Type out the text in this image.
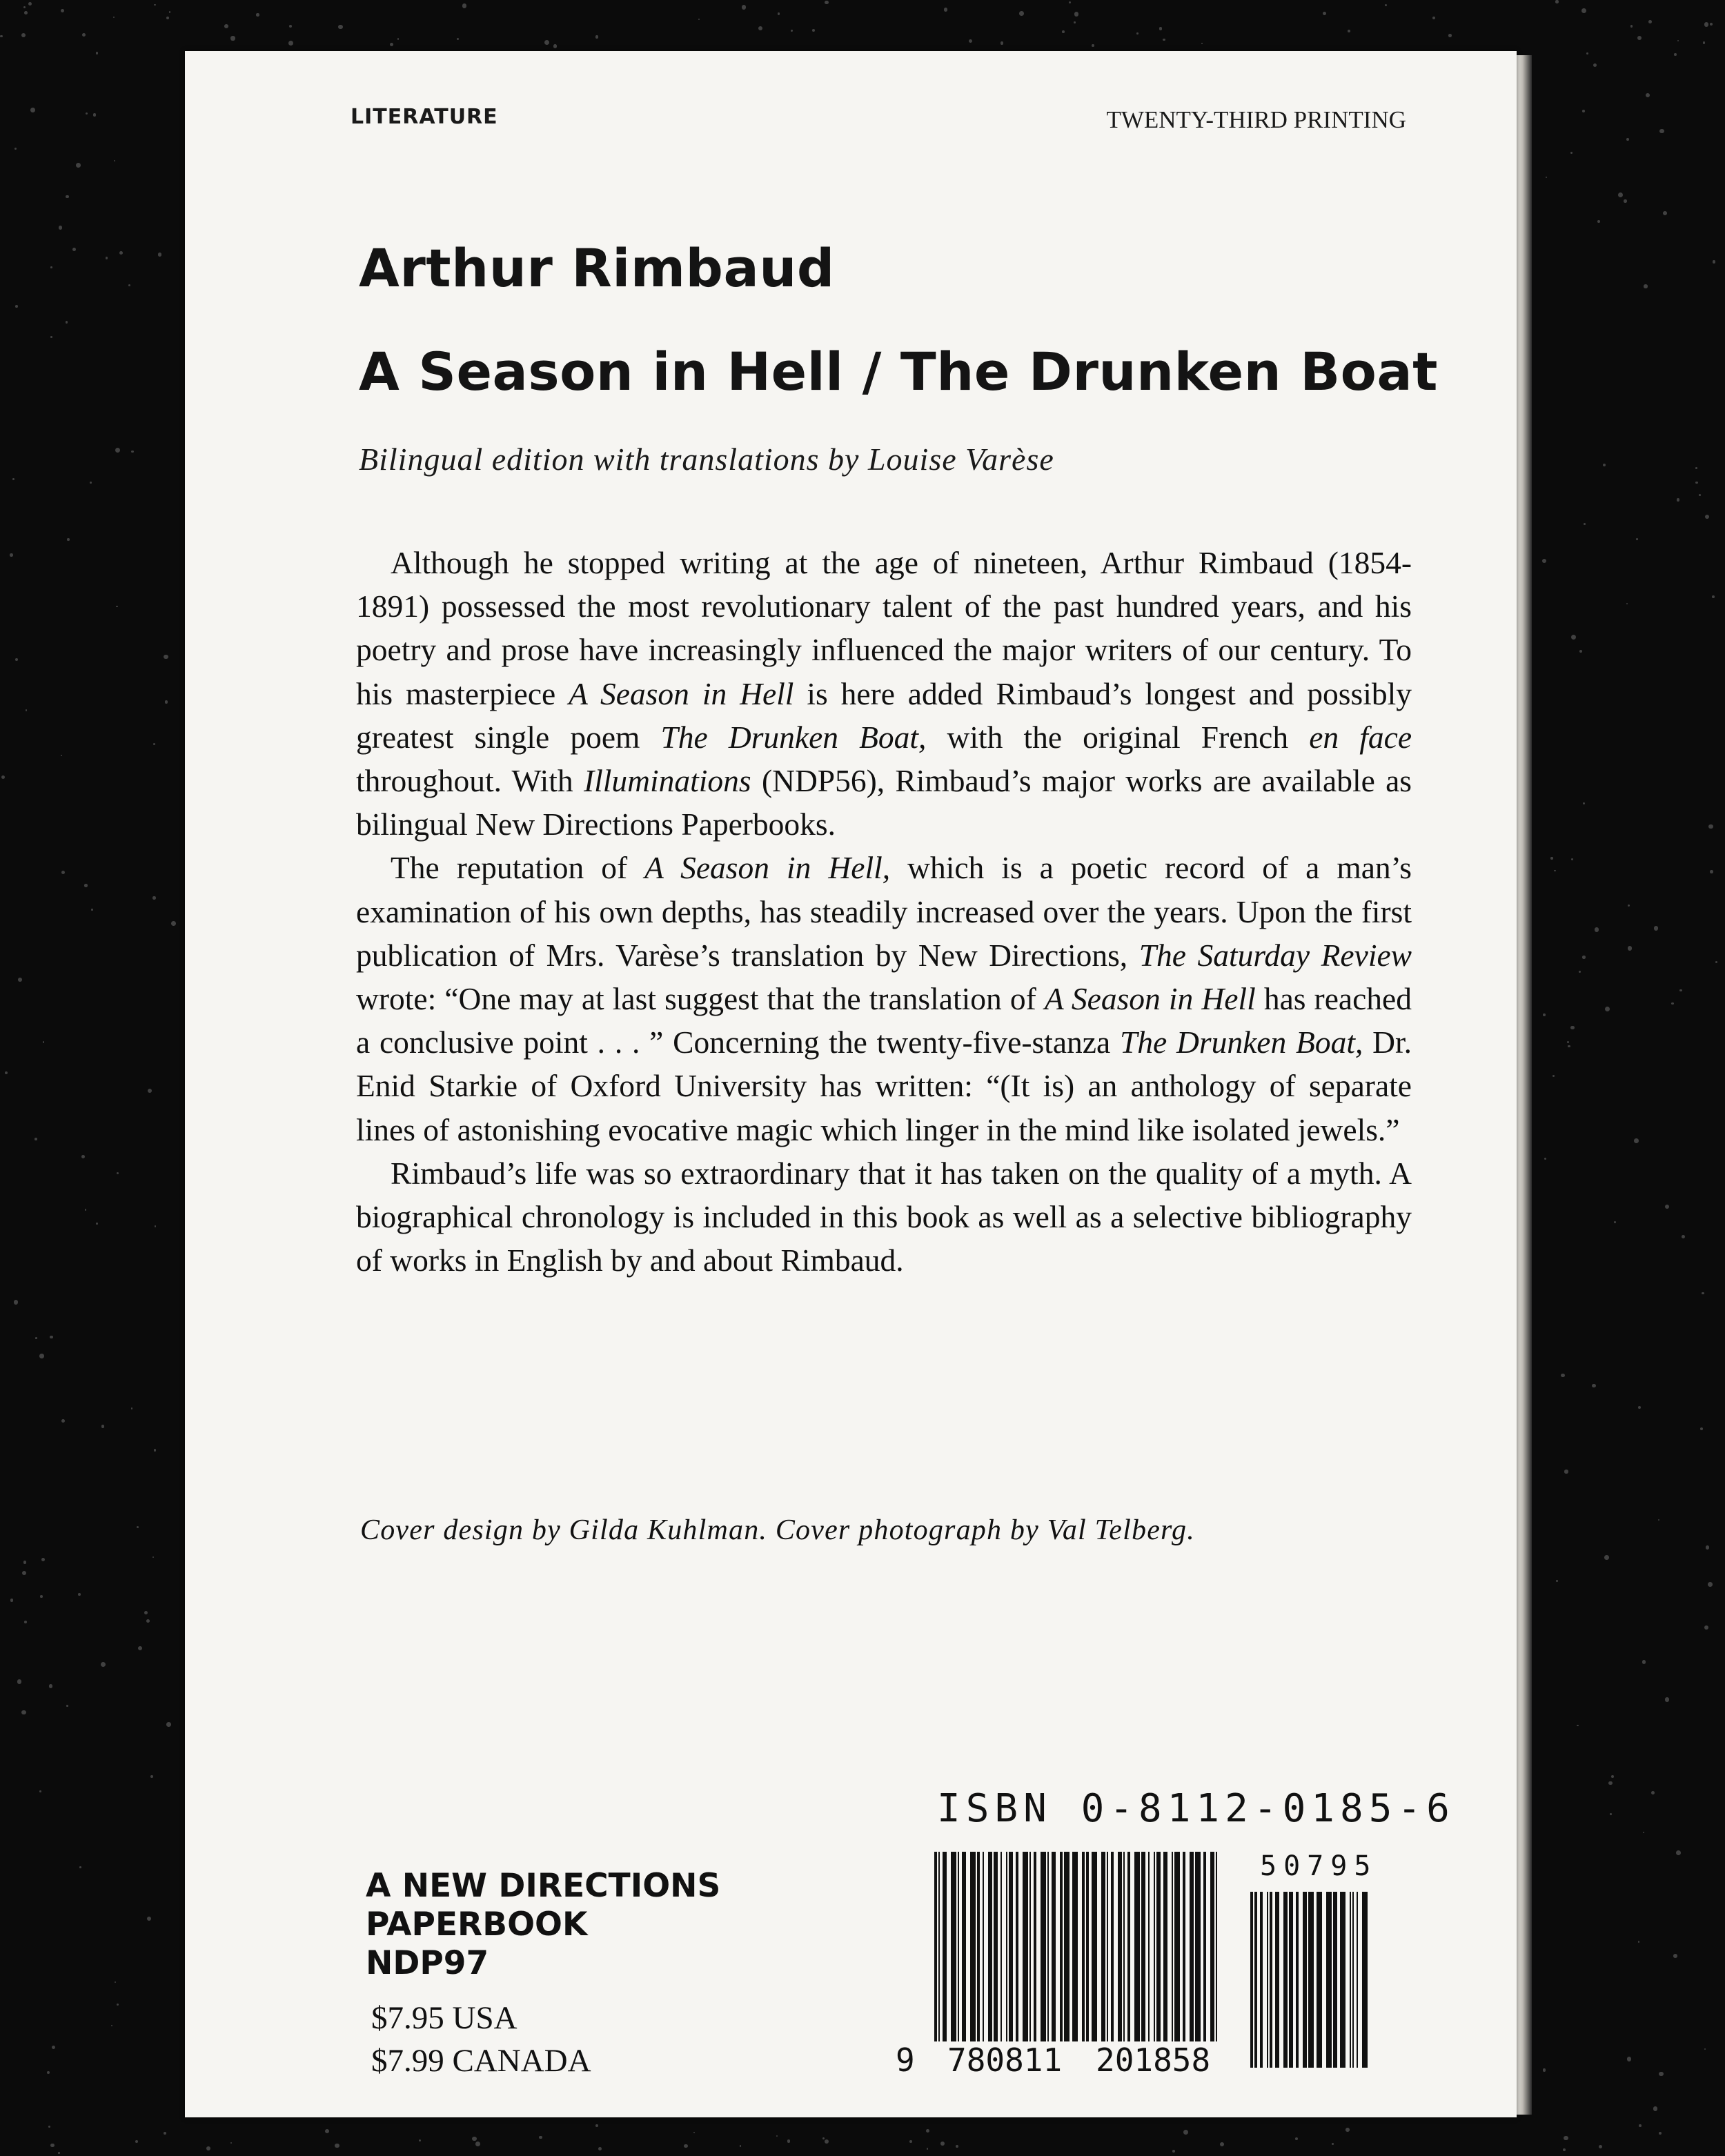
LITERATURE	TWENTY-THIRD PRINTING
Arthur Rimbaud
A Season in Hell / The Drunken Boat
Bilingual edition with translations by Louise Varèse

Although he stopped writing at the age of nineteen, Arthur Rimbaud (1854-1891) possessed the most revolutionary talent of the past hundred years, and his poetry and prose have increasingly influenced the major writers of our century. To his masterpiece A Season in Hell is here added Rimbaud’s longest and possibly greatest single poem The Drunken Boat, with the original French en face throughout. With Illuminations (NDP56), Rimbaud’s major works are available as bilingual New Directions Paperbooks.

The reputation of A Season in Hell, which is a poetic record of a man’s examination of his own depths, has steadily increased over the years. Upon the first publication of Mrs. Varèse’s translation by New Directions, The Saturday Review wrote: “One may at last suggest that the translation of A Season in Hell has reached a conclusive point . . . ” Concerning the twenty-five-stanza The Drunken Boat, Dr. Enid Starkie of Oxford University has written: “(It is) an anthology of separate lines of astonishing evocative magic which linger in the mind like isolated jewels.”

Rimbaud’s life was so extraordinary that it has taken on the quality of a myth. A biographical chronology is included in this book as well as a selective bibliography of works in English by and about Rimbaud.

Cover design by Gilda Kuhlman. Cover photograph by Val Telberg.
ISBN 0-8112-0185-6
A NEW DIRECTIONS
PAPERBOOK
NDP97
$7.95 USA
$7.99 CANADA
50795
9 780811 201858
